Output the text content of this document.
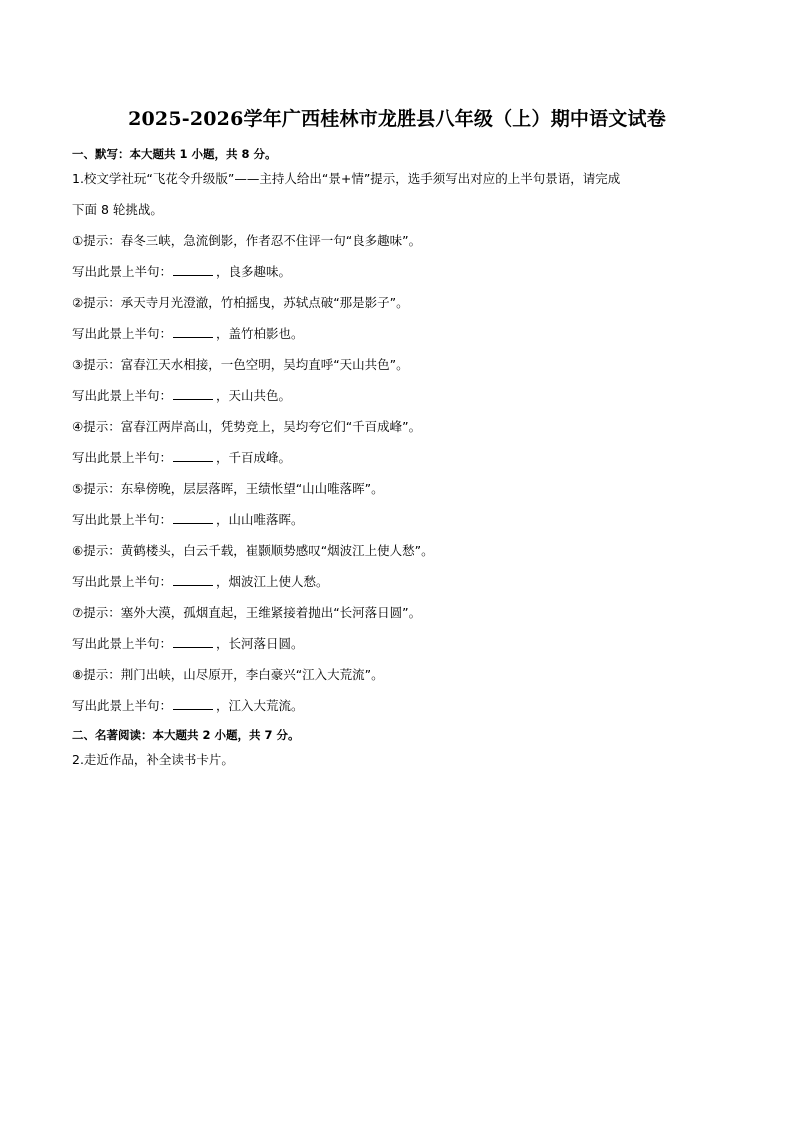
2025-2026学年广西桂林市龙胜县八年级（上）期中语文试卷
一、默写：本大题共 1 小题，共 8 分。
1.校文学社玩“飞花令升级版”——主持人给出“景+情”提示，选手须写出对应的上半句景语，请完成
下面 8 轮挑战。
①提示：春冬三峡，急流倒影，作者忍不住评一句“良多趣味”。
写出此景上半句：	，良多趣味。
②提示：承天寺月光澄澈，竹柏摇曳，苏轼点破“那是影子”。
写出此景上半句：	，盖竹柏影也。
③提示：富春江天水相接，一色空明，吴均直呼“天山共色”。
写出此景上半句：	，天山共色。
④提示：富春江两岸高山，凭势竞上，吴均夸它们“千百成峰”。
写出此景上半句：	，千百成峰。
⑤提示：东皋傍晚，层层落晖，王绩怅望“山山唯落晖”。
写出此景上半句：	，山山唯落晖。
⑥提示：黄鹤楼头，白云千载，崔颢顺势感叹“烟波江上使人愁”。
写出此景上半句：	，烟波江上使人愁。
⑦提示：塞外大漠，孤烟直起，王维紧接着抛出“长河落日圆”。
写出此景上半句：	，长河落日圆。
⑧提示：荆门出峡，山尽原开，李白豪兴“江入大荒流”。
写出此景上半句：	，江入大荒流。
二、名著阅读：本大题共 2 小题，共 7 分。
2.走近作品，补全读书卡片。
